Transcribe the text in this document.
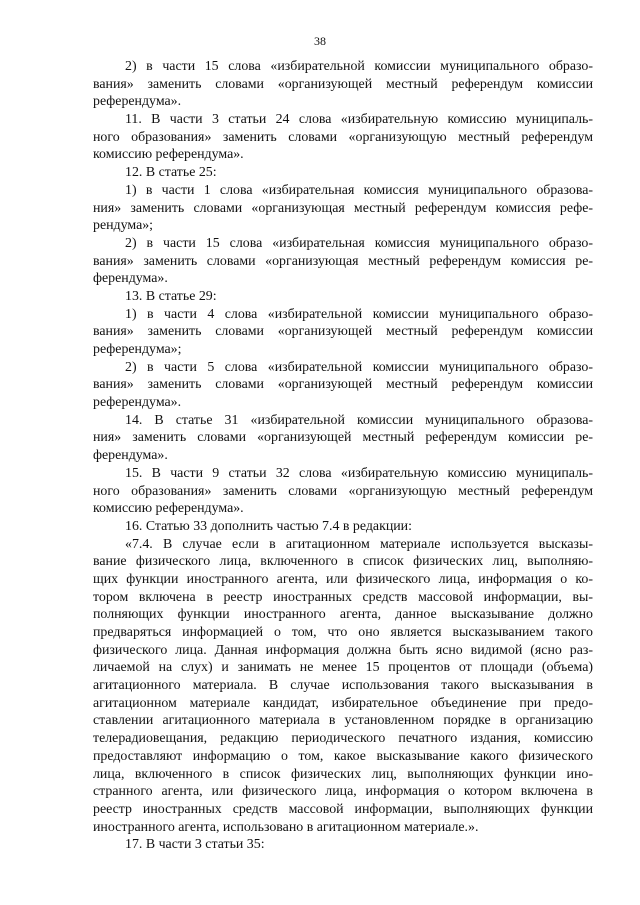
38
2) в части 15 слова «избирательной комиссии муниципального образо-
вания» заменить словами «организующей местный референдум комиссии
референдума».
11. В части 3 статьи 24 слова «избирательную комиссию муниципаль-
ного образования» заменить словами «организующую местный референдум
комиссию референдума».
12. В статье 25:
1) в части 1 слова «избирательная комиссия муниципального образова-
ния» заменить словами «организующая местный референдум комиссия рефе-
рендума»;
2) в части 15 слова «избирательная комиссия муниципального образо-
вания» заменить словами «организующая местный референдум комиссия ре-
ферендума».
13. В статье 29:
1) в части 4 слова «избирательной комиссии муниципального образо-
вания» заменить словами «организующей местный референдум комиссии
референдума»;
2) в части 5 слова «избирательной комиссии муниципального образо-
вания» заменить словами «организующей местный референдум комиссии
референдума».
14. В статье 31 «избирательной комиссии муниципального образова-
ния» заменить словами «организующей местный референдум комиссии ре-
ферендума».
15. В части 9 статьи 32 слова «избирательную комиссию муниципаль-
ного образования» заменить словами «организующую местный референдум
комиссию референдума».
16. Статью 33 дополнить частью 7.4 в редакции:
«7.4. В случае если в агитационном материале используется высказы-
вание физического лица, включенного в список физических лиц, выполняю-
щих функции иностранного агента, или физического лица, информация о ко-
тором включена в реестр иностранных средств массовой информации, вы-
полняющих функции иностранного агента, данное высказывание должно
предваряться информацией о том, что оно является высказыванием такого
физического лица. Данная информация должна быть ясно видимой (ясно раз-
личаемой на слух) и занимать не менее 15 процентов от площади (объема)
агитационного материала. В случае использования такого высказывания в
агитационном материале кандидат, избирательное объединение при предо-
ставлении агитационного материала в установленном порядке в организацию
телерадиовещания, редакцию периодического печатного издания, комиссию
предоставляют информацию о том, какое высказывание какого физического
лица, включенного в список физических лиц, выполняющих функции ино-
странного агента, или физического лица, информация о котором включена в
реестр иностранных средств массовой информации, выполняющих функции
иностранного агента, использовано в агитационном материале.».
17. В части 3 статьи 35:
